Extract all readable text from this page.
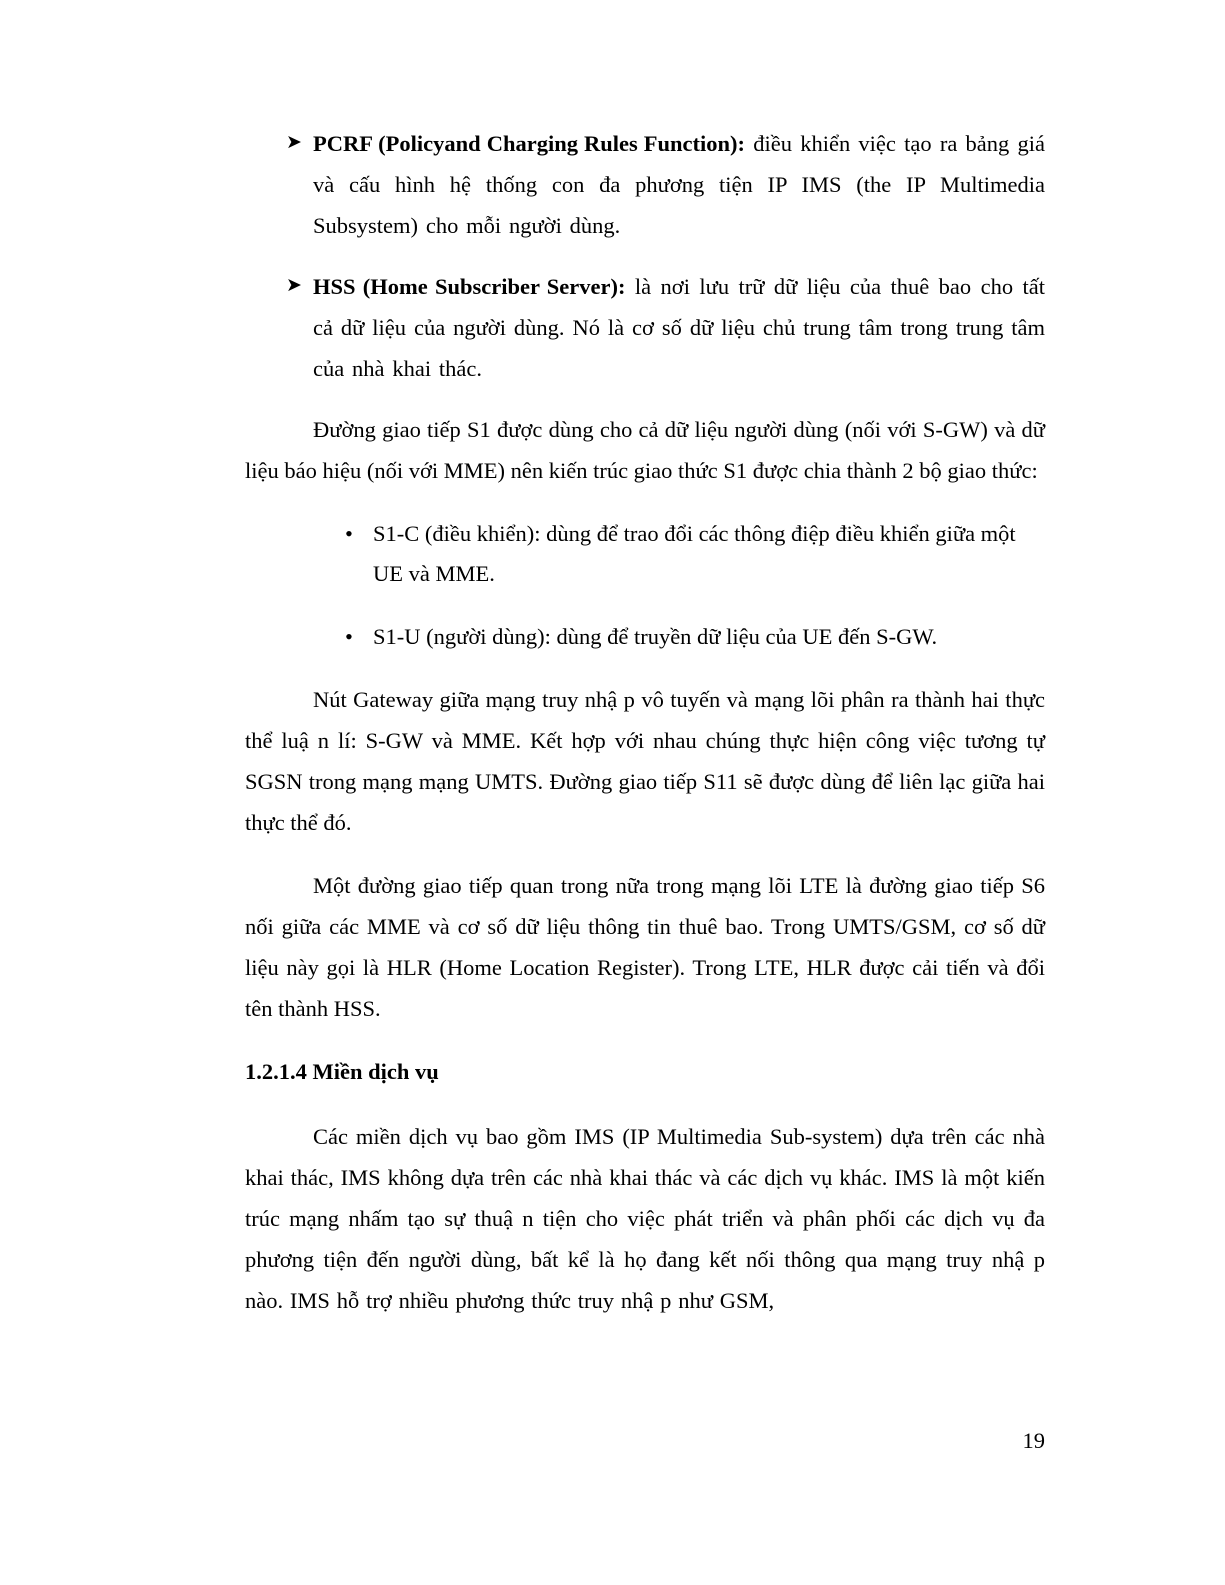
➤ PCRF (Policyand Charging Rules Function): điều khiển việc tạo ra bảng giá và cấu hình hệ thống con đa phương tiện IP IMS (the IP Multimedia Subsystem) cho mỗi người dùng.
➤ HSS (Home Subscriber Server): là nơi lưu trữ dữ liệu của thuê bao cho tất cả dữ liệu của người dùng. Nó là cơ số dữ liệu chủ trung tâm trong trung tâm của nhà khai thác.

Đường giao tiếp S1 được dùng cho cả dữ liệu người dùng (nối với S-GW) và dữ liệu báo hiệu (nối với MME) nên kiến trúc giao thức S1 được chia thành 2 bộ giao thức:

• S1-C (điều khiển): dùng để trao đổi các thông điệp điều khiển giữa một UE và MME.
• S1-U (người dùng): dùng để truyền dữ liệu của UE đến S-GW.

Nút Gateway giữa mạng truy nhậ p vô tuyến và mạng lõi phân ra thành hai thực thể luậ n lí: S-GW và MME. Kết hợp với nhau chúng thực hiện công việc tương tự SGSN trong mạng mạng UMTS. Đường giao tiếp S11 sẽ được dùng để liên lạc giữa hai thực thể đó.

Một đường giao tiếp quan trong nữa trong mạng lõi LTE là đường giao tiếp S6 nối giữa các MME và cơ số dữ liệu thông tin thuê bao. Trong UMTS/GSM, cơ số dữ liệu này gọi là HLR (Home Location Register). Trong LTE, HLR được cải tiến và đổi tên thành HSS.

1.2.1.4 Miền dịch vụ

Các miền dịch vụ bao gồm IMS (IP Multimedia Sub-system) dựa trên các nhà khai thác, IMS không dựa trên các nhà khai thác và các dịch vụ khác. IMS là một kiến trúc mạng nhấm tạo sự thuậ n tiện cho việc phát triển và phân phối các dịch vụ đa phương tiện đến người dùng, bất kể là họ đang kết nối thông qua mạng truy nhậ p nào. IMS hỗ trợ nhiều phương thức truy nhậ p như GSM,

19
